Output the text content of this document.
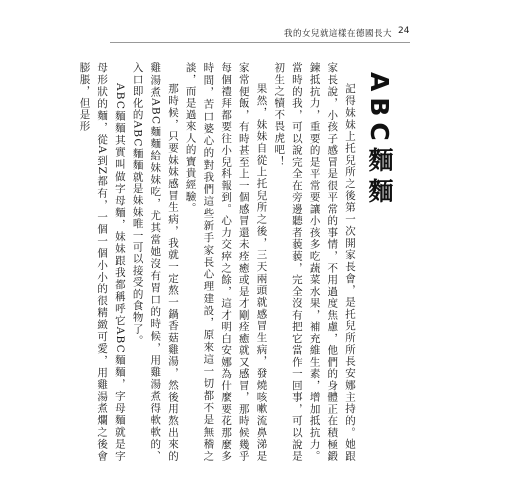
我的女兒就這樣在德國長大 24
ABC麵麵

記得妹妹上托兒所之後第一次開家長會，是托兒所所長安娜主持的。她跟家長說，小孩子感冒是很平常的事情，不用過度焦慮，他們的身體正在積極鍛鍊抵抗力，重要的是平常要讓小孩多吃蔬菜水果，補充維生素，增加抵抗力。當時的我，可以說完全在旁邊聽者藐藐，完全沒有把它當作一回事，可以說是初生之犢不畏虎吧！

果然，妹妹自從上托兒所之後，三天兩頭就感冒生病，發燒咳嗽流鼻涕是家常便飯，有時甚至上一個感冒還未痊癒或是才剛痊癒就又感冒，那時候幾乎每個禮拜都要往小兒科報到。心力交瘁之餘，這才明白安娜為什麼要花那麼多時間，苦口婆心的對我們這些新手家長心理建設，原來這一切都不是無稽之談，而是過來人的寶貴經驗。

那時候，只要妹妹感冒生病，我就一定熬一鍋香菇雞湯，然後用熬出來的雞湯煮ABC麵麵給妹妹吃，尤其當她沒有胃口的時候，用雞湯煮得軟軟的、入口即化的ABC麵麵就是妹妹唯一可以接受的食物了。

ABC麵麵其實叫做字母麵，妹妹跟我都稱呼它ABC麵麵，字母麵就是字母形狀的麵，從A到Z都有，一個一個小小的很精緻可愛，用雞湯煮爛之後會膨脹，但是形
